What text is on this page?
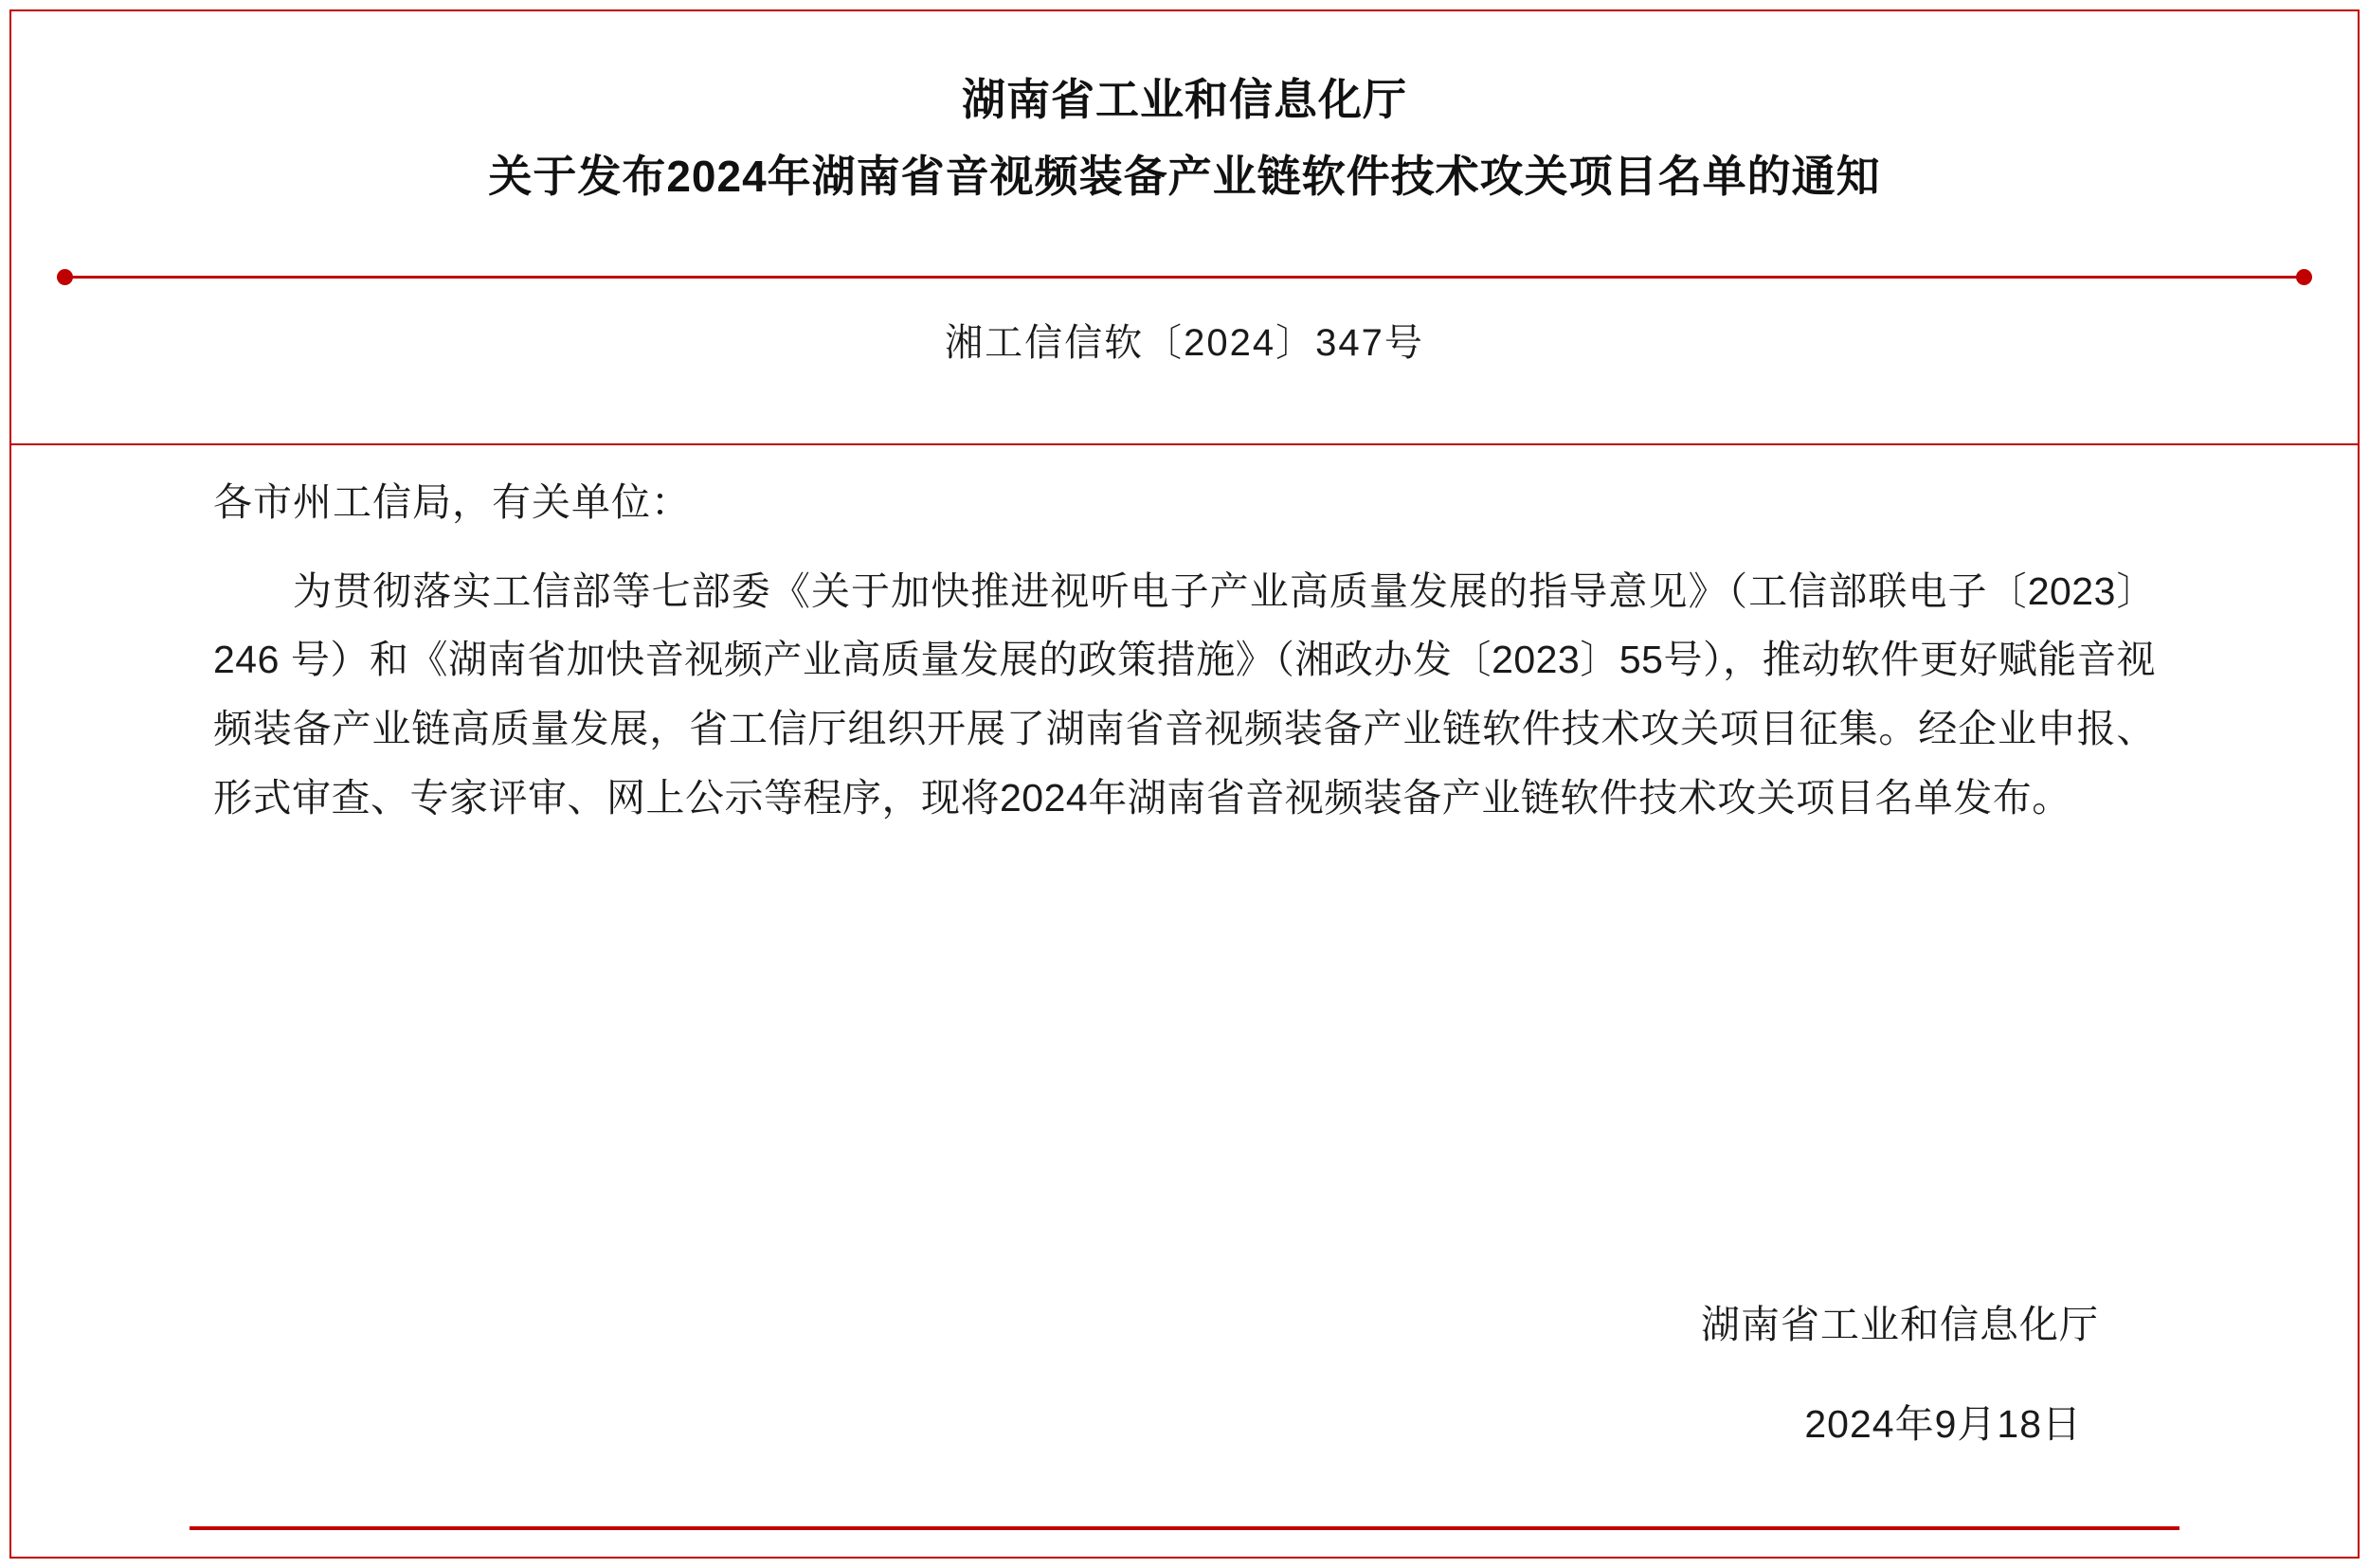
湖南省工业和信息化厅
关于发布2024年湖南省音视频装备产业链软件技术攻关项目名单的通知
湘工信信软〔2024〕347号
各市州工信局，有关单位：
为贯彻落实工信部等七部委《关于加快推进视听电子产业高质量发展的指导意见》（工信部联电子〔2023〕246 号）和《湖南省加快音视频产业高质量发展的政策措施》（湘政办发〔2023〕55号），推动软件更好赋能音视频装备产业链高质量发展，省工信厅组织开展了湖南省音视频装备产业链软件技术攻关项目征集。经企业申报、形式审查、专家评审、网上公示等程序，现将2024年湖南省音视频装备产业链软件技术攻关项目名单发布。
湖南省工业和信息化厅
2024年9月18日
